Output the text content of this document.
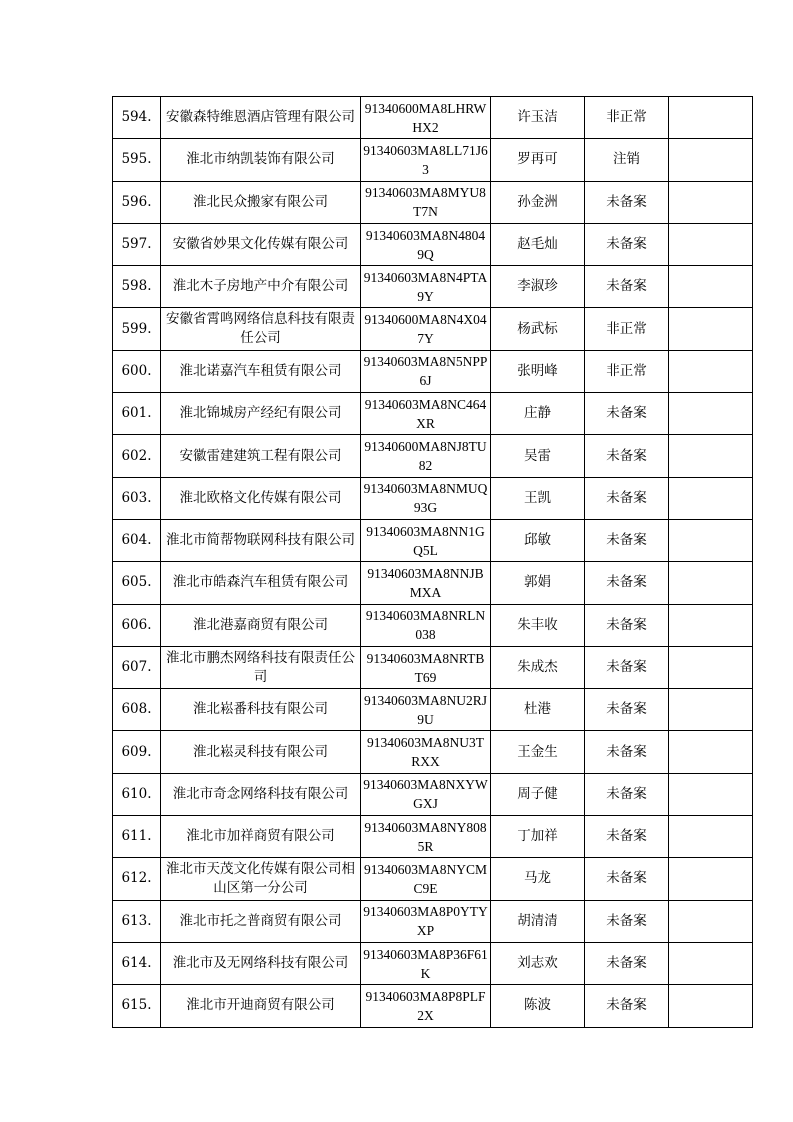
594.	安徽森特维恩酒店管理有限公司	91340600MA8LHRWHX2	许玉洁	非正常	
595.	淮北市纳凯装饰有限公司	91340603MA8LL71J63	罗再可	注销	
596.	淮北民众搬家有限公司	91340603MA8MYU8T7N	孙金洲	未备案	
597.	安徽省妙果文化传媒有限公司	91340603MA8N48049Q	赵毛灿	未备案	
598.	淮北木子房地产中介有限公司	91340603MA8N4PTA9Y	李淑珍	未备案	
599.	安徽省霄鸣网络信息科技有限责任公司	91340600MA8N4X047Y	杨武标	非正常	
600.	淮北诺嘉汽车租赁有限公司	91340603MA8N5NPP6J	张明峰	非正常	
601.	淮北锦城房产经纪有限公司	91340603MA8NC464XR	庄静	未备案	
602.	安徽雷建建筑工程有限公司	91340600MA8NJ8TU82	吴雷	未备案	
603.	淮北欧格文化传媒有限公司	91340603MA8NMUQ93G	王凯	未备案	
604.	淮北市简帮物联网科技有限公司	91340603MA8NN1GQ5L	邱敏	未备案	
605.	淮北市皓森汽车租赁有限公司	91340603MA8NNJBMXA	郭娟	未备案	
606.	淮北港嘉商贸有限公司	91340603MA8NRLN038	朱丰收	未备案	
607.	淮北市鹏杰网络科技有限责任公司	91340603MA8NRTBT69	朱成杰	未备案	
608.	淮北崧番科技有限公司	91340603MA8NU2RJ9U	杜港	未备案	
609.	淮北崧灵科技有限公司	91340603MA8NU3TRXX	王金生	未备案	
610.	淮北市奇念网络科技有限公司	91340603MA8NXYWGXJ	周子健	未备案	
611.	淮北市加祥商贸有限公司	91340603MA8NY8085R	丁加祥	未备案	
612.	淮北市天茂文化传媒有限公司相山区第一分公司	91340603MA8NYCMC9E	马龙	未备案	
613.	淮北市托之普商贸有限公司	91340603MA8P0YTYXP	胡清清	未备案	
614.	淮北市及无网络科技有限公司	91340603MA8P36F61K	刘志欢	未备案	
615.	淮北市开迪商贸有限公司	91340603MA8P8PLF2X	陈波	未备案	
